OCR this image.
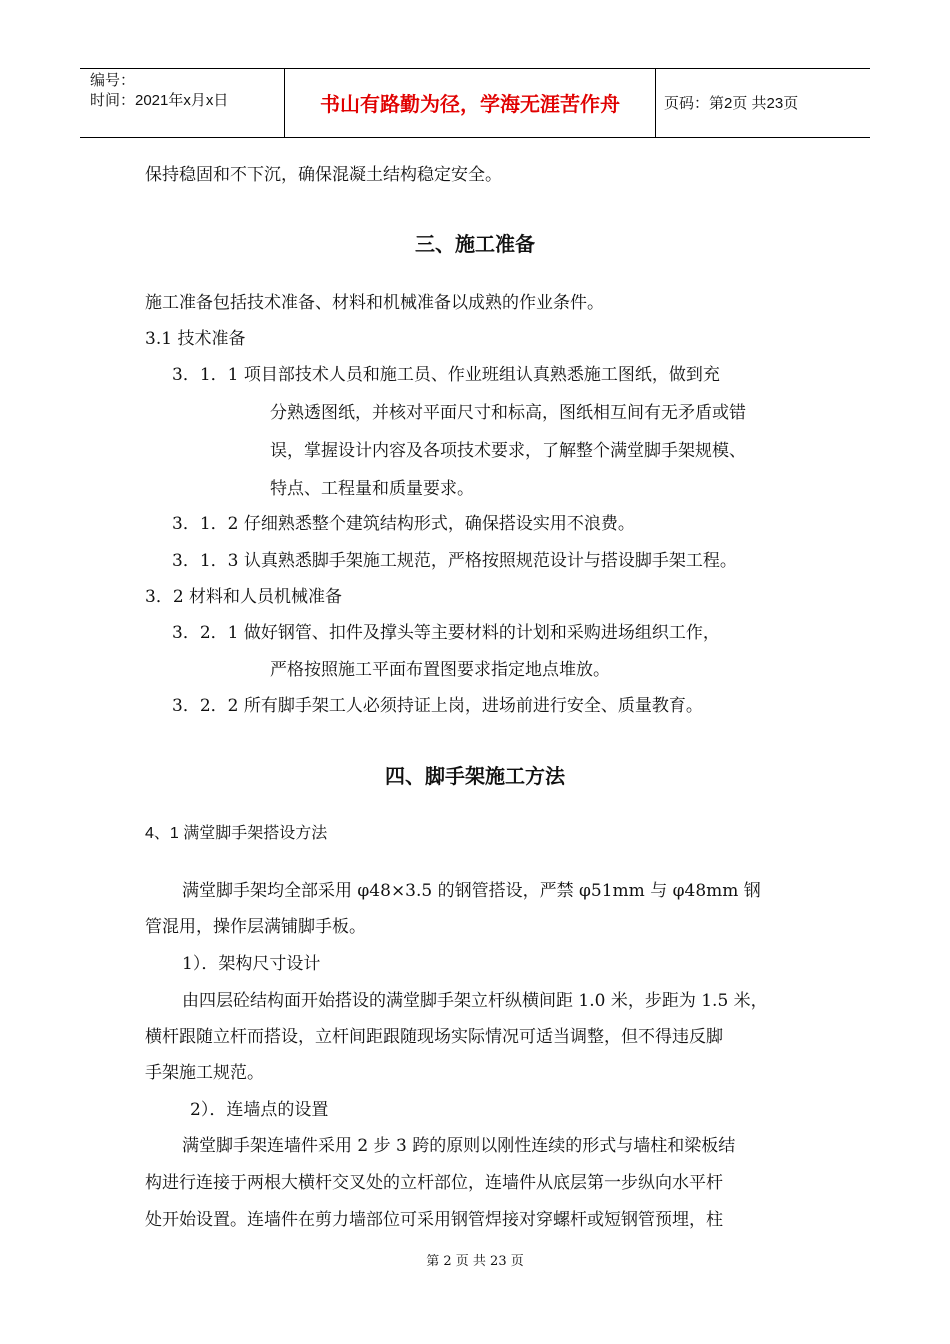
编号：
时间：2021年x月x日	书山有路勤为径，学海无涯苦作舟	页码：第2页 共23页
保持稳固和不下沉，确保混凝土结构稳定安全。
三、施工准备
施工准备包括技术准备、材料和机械准备以成熟的作业条件。
3.1 技术准备
3．1．1 项目部技术人员和施工员、作业班组认真熟悉施工图纸，做到充
分熟透图纸，并核对平面尺寸和标高，图纸相互间有无矛盾或错
误，掌握设计内容及各项技术要求，了解整个满堂脚手架规模、
特点、工程量和质量要求。
3．1．2 仔细熟悉整个建筑结构形式，确保搭设实用不浪费。
3．1．3 认真熟悉脚手架施工规范，严格按照规范设计与搭设脚手架工程。
3．2 材料和人员机械准备
3．2．1 做好钢管、扣件及撑头等主要材料的计划和采购进场组织工作，
严格按照施工平面布置图要求指定地点堆放。
3．2．2 所有脚手架工人必须持证上岗，进场前进行安全、质量教育。
四、脚手架施工方法
4、1 满堂脚手架搭设方法
满堂脚手架均全部采用 φ48×3.5 的钢管搭设，严禁 φ51mm 与 φ48mm 钢
管混用，操作层满铺脚手板。
1）．架构尺寸设计
由四层砼结构面开始搭设的满堂脚手架立杆纵横间距 1.0 米，步距为 1.5 米，
横杆跟随立杆而搭设，立杆间距跟随现场实际情况可适当调整，但不得违反脚
手架施工规范。
2）．连墙点的设置
满堂脚手架连墙件采用 2 步 3 跨的原则以刚性连续的形式与墙柱和梁板结
构进行连接于两根大横杆交叉处的立杆部位，连墙件从底层第一步纵向水平杆
处开始设置。连墙件在剪力墙部位可采用钢管焊接对穿螺杆或短钢管预埋，柱
第 2 页 共 23 页
